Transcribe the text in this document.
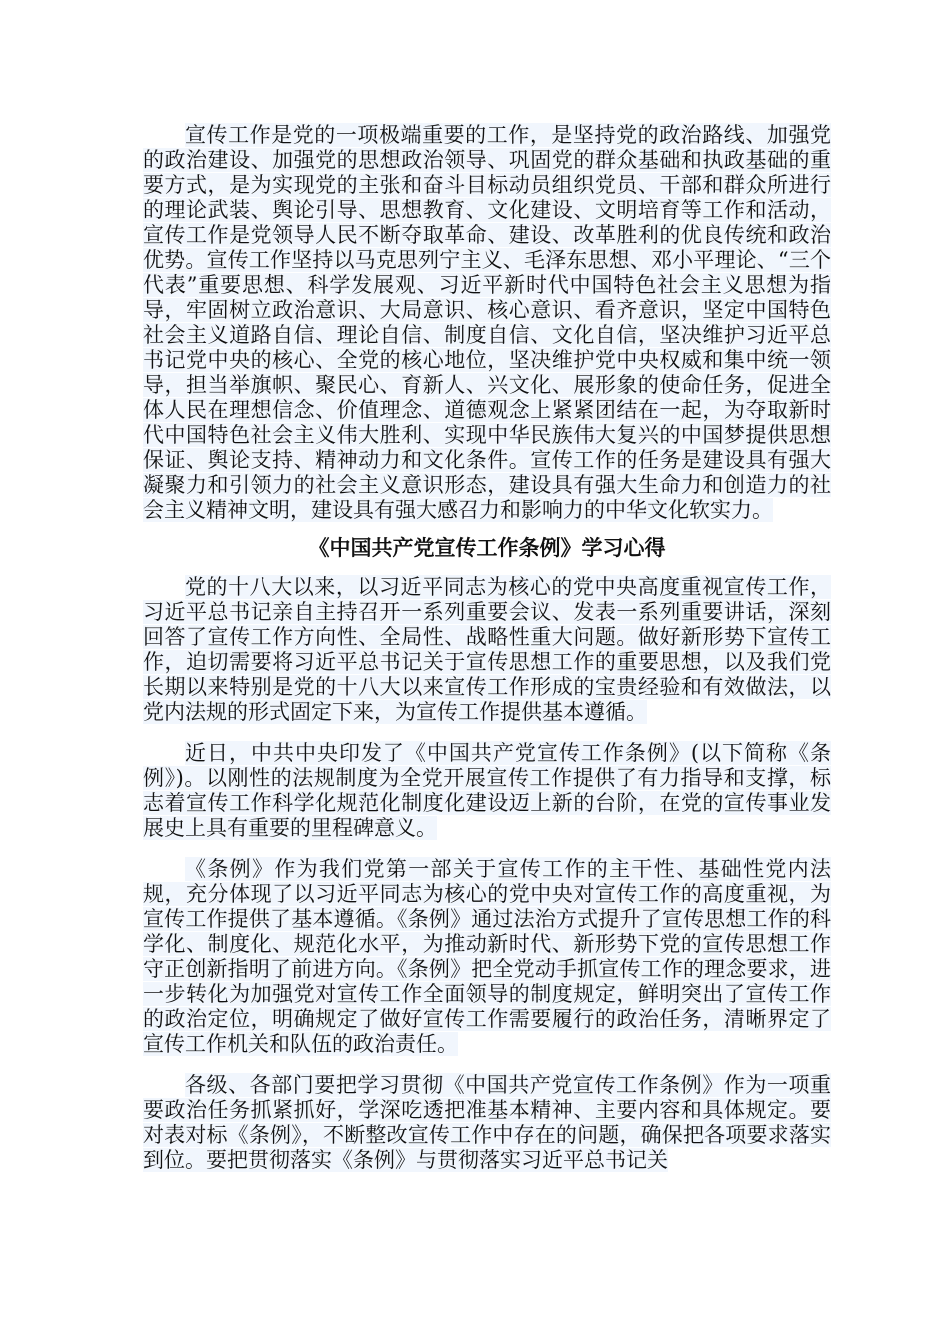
宣传工作是党的一项极端重要的工作，是坚持党的政治路线、加强党的政治建设、加强党的思想政治领导、巩固党的群众基础和执政基础的重要方式，是为实现党的主张和奋斗目标动员组织党员、干部和群众所进行的理论武装、舆论引导、思想教育、文化建设、文明培育等工作和活动，宣传工作是党领导人民不断夺取革命、建设、改革胜利的优良传统和政治优势。宣传工作坚持以马克思列宁主义、毛泽东思想、邓小平理论、“三个代表”重要思想、科学发展观、习近平新时代中国特色社会主义思想为指导，牢固树立政治意识、大局意识、核心意识、看齐意识，坚定中国特色社会主义道路自信、理论自信、制度自信、文化自信，坚决维护习近平总书记党中央的核心、全党的核心地位，坚决维护党中央权威和集中统一领导，担当举旗帜、聚民心、育新人、兴文化、展形象的使命任务，促进全体人民在理想信念、价值理念、道德观念上紧紧团结在一起，为夺取新时代中国特色社会主义伟大胜利、实现中华民族伟大复兴的中国梦提供思想保证、舆论支持、精神动力和文化条件。宣传工作的任务是建设具有强大凝聚力和引领力的社会主义意识形态，建设具有强大生命力和创造力的社会主义精神文明，建设具有强大感召力和影响力的中华文化软实力。

《中国共产党宣传工作条例》学习心得

党的十八大以来，以习近平同志为核心的党中央高度重视宣传工作，习近平总书记亲自主持召开一系列重要会议、发表一系列重要讲话，深刻回答了宣传工作方向性、全局性、战略性重大问题。做好新形势下宣传工作，迫切需要将习近平总书记关于宣传思想工作的重要思想，以及我们党长期以来特别是党的十八大以来宣传工作形成的宝贵经验和有效做法，以党内法规的形式固定下来，为宣传工作提供基本遵循。

近日，中共中央印发了《中国共产党宣传工作条例》(以下简称《条例》)。以刚性的法规制度为全党开展宣传工作提供了有力指导和支撑，标志着宣传工作科学化规范化制度化建设迈上新的台阶，在党的宣传事业发展史上具有重要的里程碑意义。

《条例》作为我们党第一部关于宣传工作的主干性、基础性党内法规，充分体现了以习近平同志为核心的党中央对宣传工作的高度重视，为宣传工作提供了基本遵循。《条例》通过法治方式提升了宣传思想工作的科学化、制度化、规范化水平，为推动新时代、新形势下党的宣传思想工作守正创新指明了前进方向。《条例》把全党动手抓宣传工作的理念要求，进一步转化为加强党对宣传工作全面领导的制度规定，鲜明突出了宣传工作的政治定位，明确规定了做好宣传工作需要履行的政治任务，清晰界定了宣传工作机关和队伍的政治责任。

各级、各部门要把学习贯彻《中国共产党宣传工作条例》作为一项重要政治任务抓紧抓好，学深吃透把准基本精神、主要内容和具体规定。要对表对标《条例》，不断整改宣传工作中存在的问题，确保把各项要求落实到位。要把贯彻落实《条例》与贯彻落实习近平总书记关
